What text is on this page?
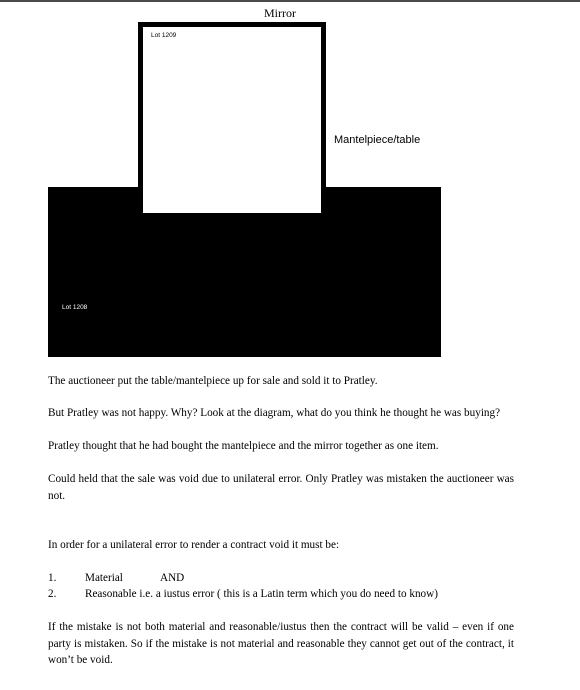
Mirror
Lot 1209
Mantelpiece/table
Lot 1208

The auctioneer put the table/mantelpiece up for sale and sold it to Pratley.

But Pratley was not happy. Why? Look at the diagram, what do you think he thought he was buying?

Pratley thought that he had bought the mantelpiece and the mirror together as one item.

Could held that the sale was void due to unilateral error. Only Pratley was mistaken the auctioneer was not.

In order for a unilateral error to render a contract void it must be:

1.	Material	AND
2.	Reasonable i.e. a iustus error ( this is a Latin term which you do need to know)

If the mistake is not both material and reasonable/iustus then the contract will be valid – even if one party is mistaken. So if the mistake is not material and reasonable they cannot get out of the contract, it won’t be void.
